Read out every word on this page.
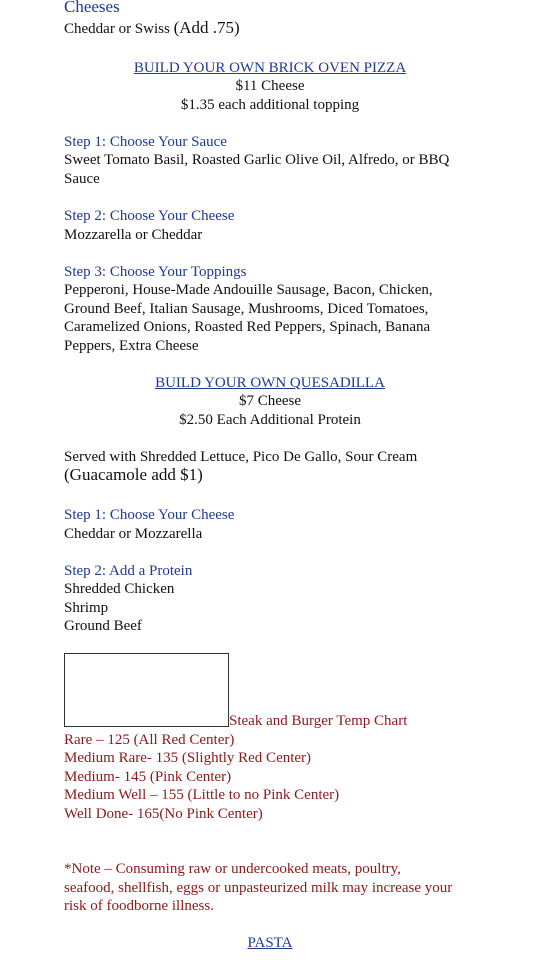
Cheeses
Cheddar or Swiss (Add .75)
BUILD YOUR OWN BRICK OVEN PIZZA
$11 Cheese
$1.35 each additional topping
Step 1: Choose Your Sauce
Sweet Tomato Basil, Roasted Garlic Olive Oil, Alfredo, or BBQ
Sauce
Step 2: Choose Your Cheese
Mozzarella or Cheddar
Step 3: Choose Your Toppings
Pepperoni, House-Made Andouille Sausage, Bacon, Chicken,
Ground Beef, Italian Sausage, Mushrooms, Diced Tomatoes,
Caramelized Onions, Roasted Red Peppers, Spinach, Banana
Peppers, Extra Cheese
BUILD YOUR OWN QUESADILLA
$7 Cheese
$2.50 Each Additional Protein
Served with Shredded Lettuce, Pico De Gallo, Sour Cream
(Guacamole add $1)
Step 1: Choose Your Cheese
Cheddar or Mozzarella
Step 2: Add a Protein
Shredded Chicken
Shrimp
Ground Beef
Steak and Burger Temp Chart
Rare – 125 (All Red Center)
Medium Rare- 135 (Slightly Red Center)
Medium- 145 (Pink Center)
Medium Well – 155 (Little to no Pink Center)
Well Done- 165(No Pink Center)
*Note – Consuming raw or undercooked meats, poultry,
seafood, shellfish, eggs or unpasteurized milk may increase your
risk of foodborne illness.
PASTA
